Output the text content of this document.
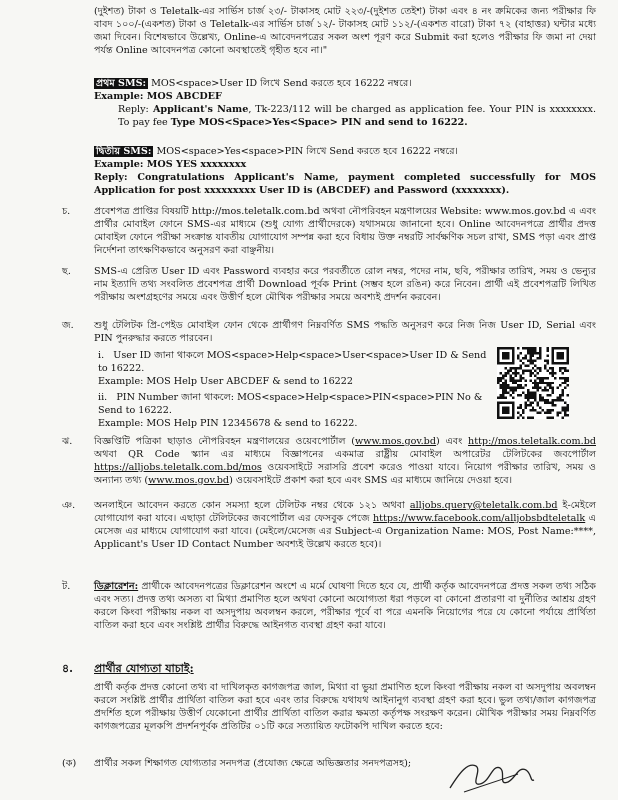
(দুইশত) টাকা ও Teletalk-এর সার্ভিস চার্জ ২৩/- টাকাসহ মোট ২২৩/-(দুইশত তেইশ) টাকা এবং ৪ নং ক্রমিকের জন্য পরীক্ষার ফি বাবদ ১০০/-(একশত) টাকা ও Teletalk-এর সার্ভিস চার্জ ১২/- টাকাসহ মোট ১১২/-(একশত বারো) টাকা ৭২ (বাহাত্তর) ঘন্টার মধ্যে জমা দিবেন। বিশেষভাবে উল্লেখ্য, Online-এ আবেদনপত্রের সকল অংশ পূরণ করে Submit করা হলেও পরীক্ষার ফি জমা না দেয়া পর্যন্ত Online আবেদনপত্র কোনো অবস্থাতেই গৃহীত হবে না।"

প্রথম SMS: MOS<space>User ID লিখে Send করতে হবে 16222 নম্বরে।

Example: MOS ABCDEF

Reply: Applicant's Name, Tk-223/112 will be charged as application fee. Your PIN is xxxxxxxx. To pay fee Type MOS<Space>Yes<Space> PIN and send to 16222.

দ্বিতীয় SMS: MOS<space>Yes<space>PIN লিখে Send করতে হবে 16222 নম্বরে।

Example: MOS YES xxxxxxxx

Reply: Congratulations Applicant's Name, payment completed successfully for MOS Application for post xxxxxxxxx User ID is (ABCDEF) and Password (xxxxxxxx).

চ.	প্রবেশপত্র প্রাপ্তির বিষয়টি http://mos.teletalk.com.bd অথবা নৌপরিবহন মন্ত্রণালয়ের Website: www.mos.gov.bd এ এবং প্রার্থীর মোবাইল ফোনে SMS-এর মাধ্যমে (শুধু যোগ্য প্রার্থীদেরকে) যথাসময়ে জানানো হবে। Online আবেদনপত্রে প্রার্থীর প্রদত্ত মোবাইল ফোনে পরীক্ষা সংক্রান্ত যাবতীয় যোগাযোগ সম্পন্ন করা হবে বিধায় উক্ত নম্বরটি সার্বক্ষণিক সচল রাখা, SMS পড়া এবং প্রাপ্ত নির্দেশনা তাৎক্ষণিকভাবে অনুসরণ করা বাঞ্ছনীয়।

ছ.	SMS-এ প্রেরিত User ID এবং Password ব্যবহার করে পরবর্তীতে রোল নম্বর, পদের নাম, ছবি, পরীক্ষার তারিখ, সময় ও ভেন্যুর নাম ইত্যাদি তথ্য সংবলিত প্রবেশপত্র প্রার্থী Download পূর্বক Print (সম্ভব হলে রঙিন) করে নিবেন। প্রার্থী এই প্রবেশপত্রটি লিখিত পরীক্ষায় অংশগ্রহণের সময়ে এবং উত্তীর্ণ হলে মৌখিক পরীক্ষার সময়ে অবশ্যই প্রদর্শন করবেন।

জ.	শুধু টেলিটক প্রি-পেইড মোবাইল ফোন থেকে প্রার্থীগণ নিম্নবর্ণিত SMS পদ্ধতি অনুসরণ করে নিজ নিজ User ID, Serial এবং PIN পুনরুদ্ধার করতে পারবেন।

i. User ID জানা থাকলে MOS<space>Help<space>User<space>User ID & Send to 16222.

Example: MOS Help User ABCDEF & send to 16222

ii. PIN Number জানা থাকলে: MOS<space>Help<space>PIN<space>PIN No & Send to 16222.

Example: MOS Help PIN 12345678 & send to 16222.

ঝ.	বিজ্ঞপ্তিটি পত্রিকা ছাড়াও নৌপরিবহন মন্ত্রণালয়ের ওয়েবপোর্টাল (www.mos.gov.bd) এবং http://mos.teletalk.com.bd অথবা QR Code স্ক্যান এর মাধ্যমে বিজ্ঞাপনের একমাত্র রাষ্ট্রীয় মোবাইল অপারেটর টেলিটকের জবপোর্টাল https://alljobs.teletalk.com.bd/mos ওয়েবসাইটে সরাসরি প্রবেশ করেও পাওয়া যাবে। নিয়োগ পরীক্ষার তারিখ, সময় ও অন্যান্য তথ্য (www.mos.gov.bd) ওয়েবসাইটে প্রকাশ করা হবে এবং SMS এর মাধ্যমে জানিয়ে দেওয়া হবে।

ঞ.	অনলাইনে আবেদন করতে কোন সমস্যা হলে টেলিটক নম্বর থেকে ১২১ অথবা alljobs.query@teletalk.com.bd ই-মেইলে যোগাযোগ করা যাবে। এছাড়া টেলিটকের জবপোর্টাল এর ফেসবুক পেজে https://www.facebook.com/alljobsbdteletalk এ মেসেজ এর মাধ্যমে যোগাযোগ করা যাবে। (মেইলে/মেসেজ এর Subject-এ Organization Name: MOS, Post Name:****, Applicant's User ID Contact Number অবশ্যই উল্লেখ করতে হবে)।

ট.	ডিক্লারেশন: প্রার্থীকে আবেদনপত্রের ডিক্লারেশন অংশে এ মর্মে ঘোষণা দিতে হবে যে, প্রার্থী কর্তৃক আবেদনপত্রে প্রদত্ত সকল তথ্য সঠিক এবং সত্য। প্রদত্ত তথ্য অসত্য বা মিথ্যা প্রমাণিত হলে অথবা কোনো অযোগ্যতা ধরা পড়লে বা কোনো প্রতারণা বা দুর্নীতির আশ্রয় গ্রহণ করলে কিংবা পরীক্ষায় নকল বা অসদুপায় অবলম্বন করলে, পরীক্ষার পূর্বে বা পরে এমনকি নিয়োগের পরে যে কোনো পর্যায়ে প্রার্থিতা বাতিল করা হবে এবং সংশ্লিষ্ট প্রার্থীর বিরুদ্ধে আইনগত ব্যবস্থা গ্রহণ করা যাবে।

৪. প্রার্থীর যোগ্যতা যাচাই:

প্রার্থী কর্তৃক প্রদত্ত কোনো তথ্য বা দাখিলকৃত কাগজপত্র জাল, মিথ্যা বা ভুয়া প্রমাণিত হলে কিংবা পরীক্ষায় নকল বা অসদুপায় অবলম্বন করলে সংশ্লিষ্ট প্রার্থীর প্রার্থিতা বাতিল করা হবে এবং তার বিরুদ্ধে যথাযথ আইনানুগ ব্যবস্থা গ্রহণ করা হবে। ভুল তথ্য/জাল কাগজপত্র প্রদর্শিত হলে পরীক্ষায় উত্তীর্ণ যেকোনো প্রার্থীর প্রার্থিতা বাতিল করার ক্ষমতা কর্তৃপক্ষ সংরক্ষণ করেন। মৌখিক পরীক্ষার সময় নিম্নবর্ণিত কাগজপত্রের মূলকপি প্রদর্শনপূর্বক প্রতিটির ০১টি করে সত্যায়িত ফটোকপি দাখিল করতে হবে:

(ক)	প্রার্থীর সকল শিক্ষাগত যোগ্যতার সনদপত্র (প্রযোজ্য ক্ষেত্রে অভিজ্ঞতার সনদপত্রসহ);
